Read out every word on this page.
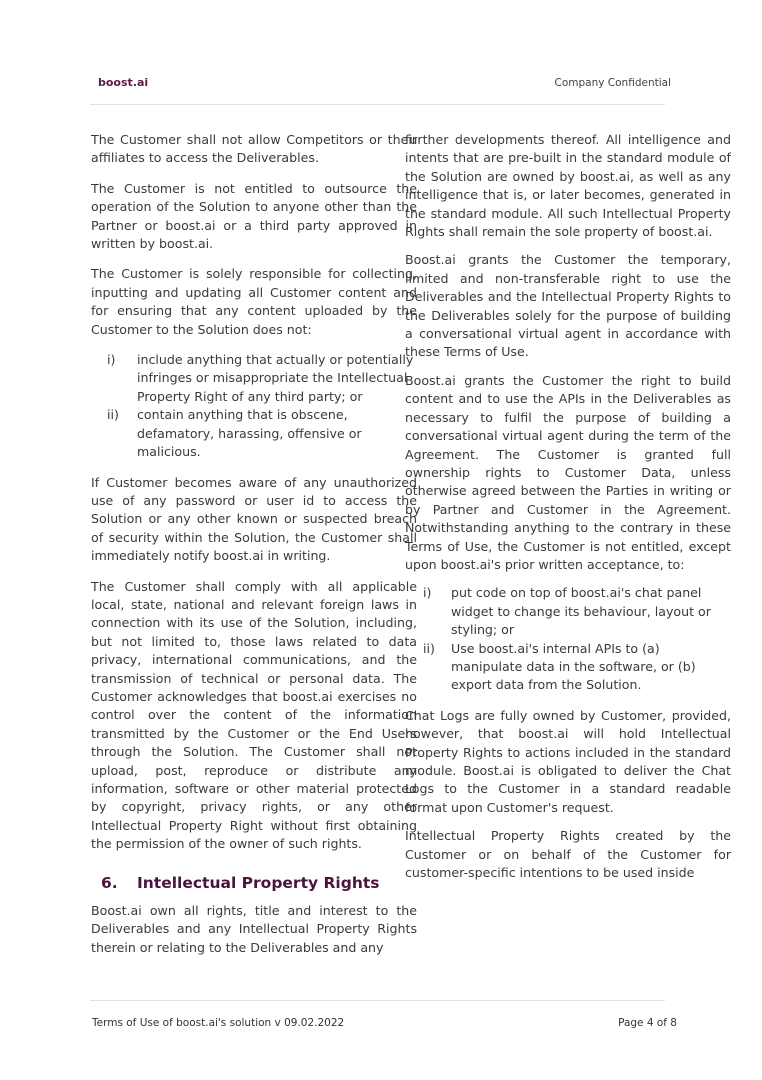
boost.ai	Company Confidential

The Customer shall not allow Competitors or their affiliates to access the Deliverables.

The Customer is not entitled to outsource the operation of the Solution to anyone other than the Partner or boost.ai or a third party approved in written by boost.ai.

The Customer is solely responsible for collecting, inputting and updating all Customer content and for ensuring that any content uploaded by the Customer to the Solution does not:

i) include anything that actually or potentially infringes or misappropriate the Intellectual Property Right of any third party; or
ii) contain anything that is obscene, defamatory, harassing, offensive or malicious.

If Customer becomes aware of any unauthorized use of any password or user id to access the Solution or any other known or suspected breach of security within the Solution, the Customer shall immediately notify boost.ai in writing.

The Customer shall comply with all applicable local, state, national and relevant foreign laws in connection with its use of the Solution, including, but not limited to, those laws related to data privacy, international communications, and the transmission of technical or personal data. The Customer acknowledges that boost.ai exercises no control over the content of the information transmitted by the Customer or the End Users through the Solution. The Customer shall not upload, post, reproduce or distribute any information, software or other material protected by copyright, privacy rights, or any other Intellectual Property Right without first obtaining the permission of the owner of such rights.

6.	Intellectual Property Rights

Boost.ai own all rights, title and interest to the Deliverables and any Intellectual Property Rights therein or relating to the Deliverables and any

further developments thereof. All intelligence and intents that are pre-built in the standard module of the Solution are owned by boost.ai, as well as any intelligence that is, or later becomes, generated in the standard module. All such Intellectual Property Rights shall remain the sole property of boost.ai.

Boost.ai grants the Customer the temporary, limited and non-transferable right to use the Deliverables and the Intellectual Property Rights to the Deliverables solely for the purpose of building a conversational virtual agent in accordance with these Terms of Use.

Boost.ai grants the Customer the right to build content and to use the APIs in the Deliverables as necessary to fulfil the purpose of building a conversational virtual agent during the term of the Agreement. The Customer is granted full ownership rights to Customer Data, unless otherwise agreed between the Parties in writing or by Partner and Customer in the Agreement. Notwithstanding anything to the contrary in these Terms of Use, the Customer is not entitled, except upon boost.ai's prior written acceptance, to:

i) put code on top of boost.ai's chat panel widget to change its behaviour, layout or styling; or
ii) Use boost.ai's internal APIs to (a) manipulate data in the software, or (b) export data from the Solution.

Chat Logs are fully owned by Customer, provided, however, that boost.ai will hold Intellectual Property Rights to actions included in the standard module. Boost.ai is obligated to deliver the Chat Logs to the Customer in a standard readable format upon Customer's request.

Intellectual Property Rights created by the Customer or on behalf of the Customer for customer-specific intentions to be used inside

Terms of Use of boost.ai's solution v 09.02.2022	Page 4 of 8
